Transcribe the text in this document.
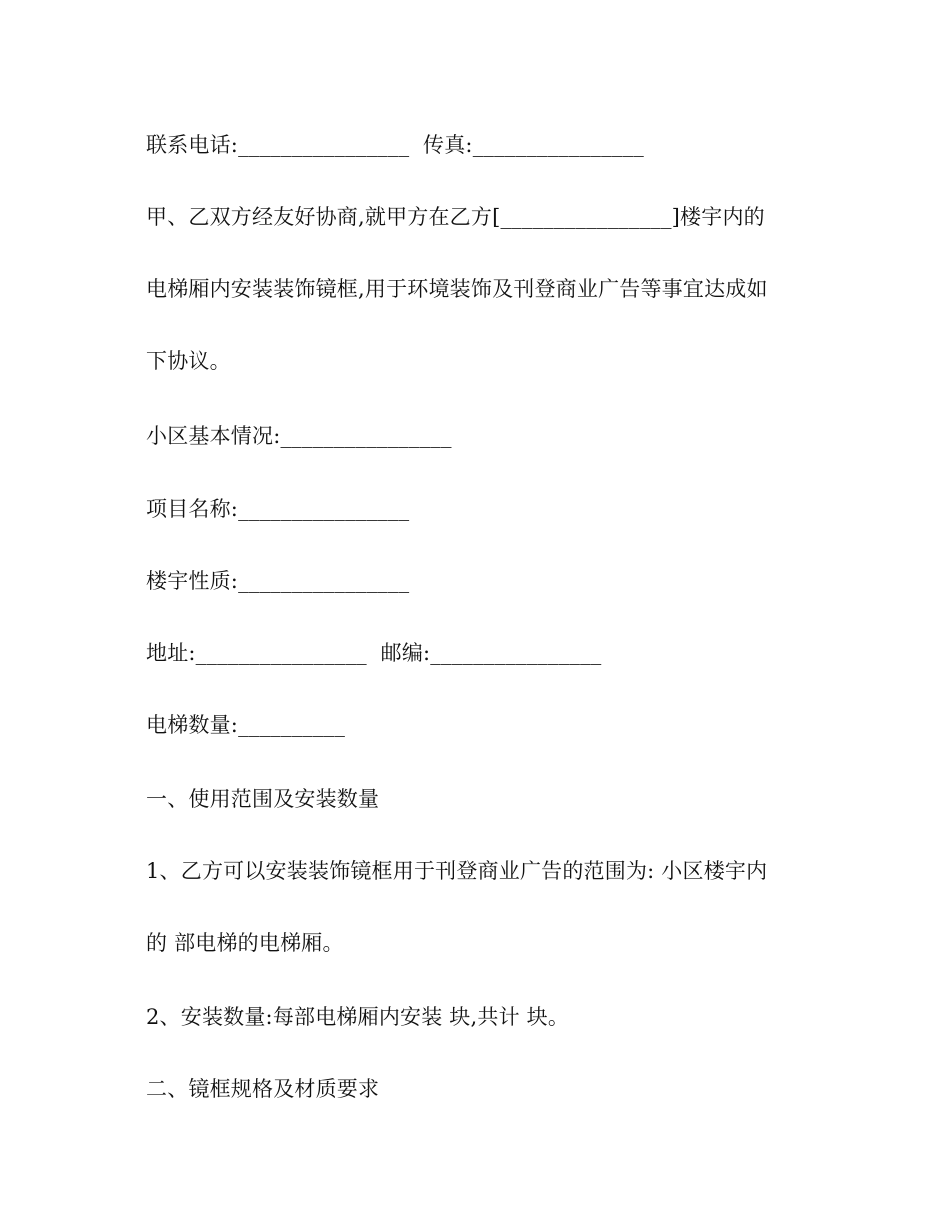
联系电话:________________  传真:________________
甲、乙双方经友好协商,就甲方在乙方[________________]楼宇内的
电梯厢内安装装饰镜框,用于环境装饰及刊登商业广告等事宜达成如
下协议。
小区基本情况:________________
项目名称:________________
楼宇性质:________________
地址:________________  邮编:________________
电梯数量:__________
一、使用范围及安装数量
1、乙方可以安装装饰镜框用于刊登商业广告的范围为: 小区楼宇内
的 部电梯的电梯厢。
2、安装数量:每部电梯厢内安装 块,共计 块。
二、镜框规格及材质要求
